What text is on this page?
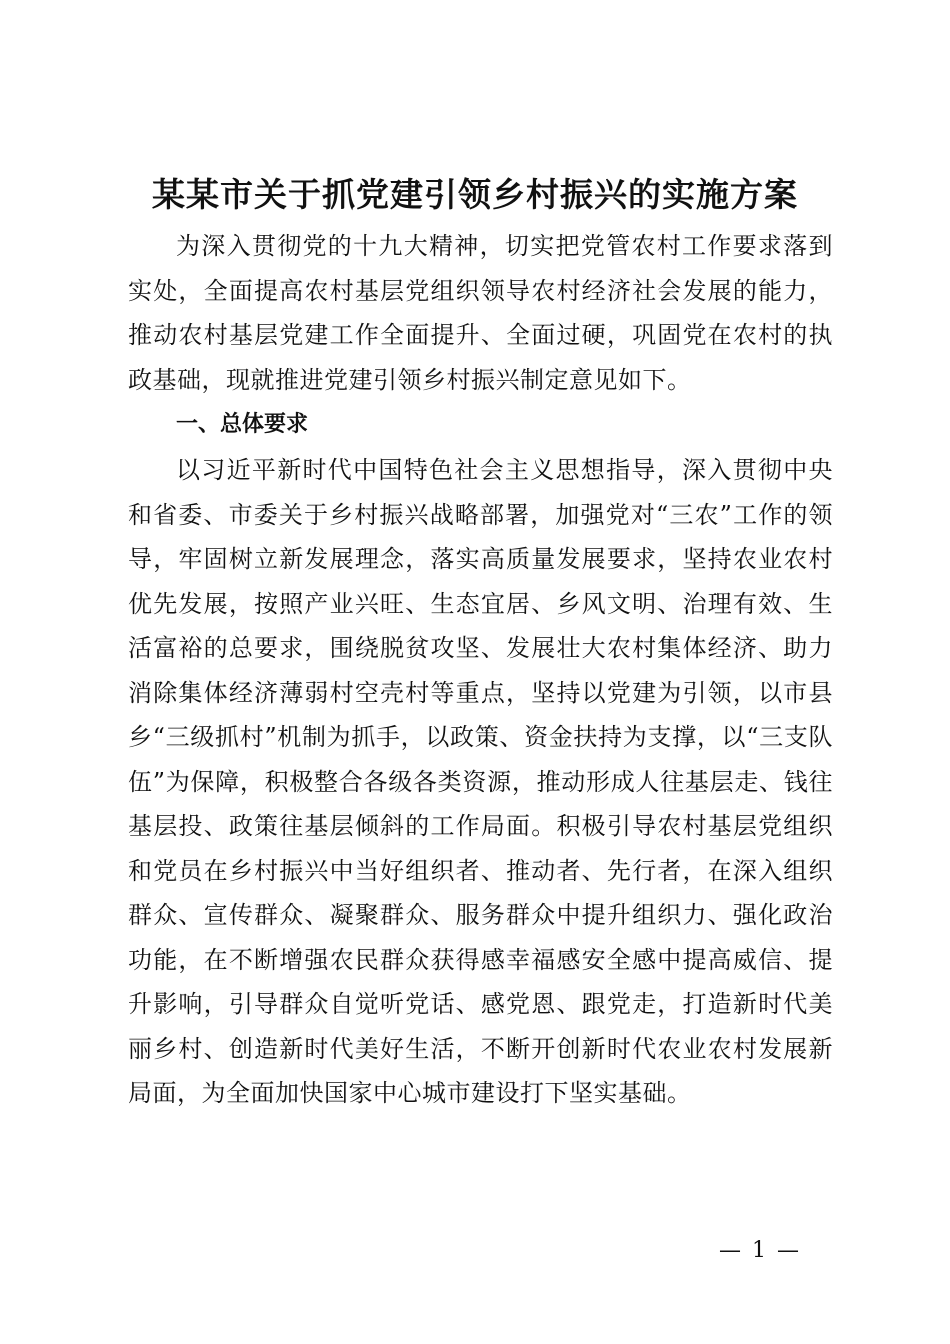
某某市关于抓党建引领乡村振兴的实施方案

为深入贯彻党的十九大精神，切实把党管农村工作要求落到实处，全面提高农村基层党组织领导农村经济社会发展的能力，推动农村基层党建工作全面提升、全面过硬，巩固党在农村的执政基础，现就推进党建引领乡村振兴制定意见如下。

一、总体要求

以习近平新时代中国特色社会主义思想指导，深入贯彻中央和省委、市委关于乡村振兴战略部署，加强党对“三农”工作的领导，牢固树立新发展理念，落实高质量发展要求，坚持农业农村优先发展，按照产业兴旺、生态宜居、乡风文明、治理有效、生活富裕的总要求，围绕脱贫攻坚、发展壮大农村集体经济、助力消除集体经济薄弱村空壳村等重点，坚持以党建为引领，以市县乡“三级抓村”机制为抓手，以政策、资金扶持为支撑，以“三支队伍”为保障，积极整合各级各类资源，推动形成人往基层走、钱往基层投、政策往基层倾斜的工作局面。积极引导农村基层党组织和党员在乡村振兴中当好组织者、推动者、先行者，在深入组织群众、宣传群众、凝聚群众、服务群众中提升组织力、强化政治功能，在不断增强农民群众获得感幸福感安全感中提高威信、提升影响，引导群众自觉听党话、感党恩、跟党走，打造新时代美丽乡村、创造新时代美好生活，不断开创新时代农业农村发展新局面，为全面加快国家中心城市建设打下坚实基础。

— 1 —
